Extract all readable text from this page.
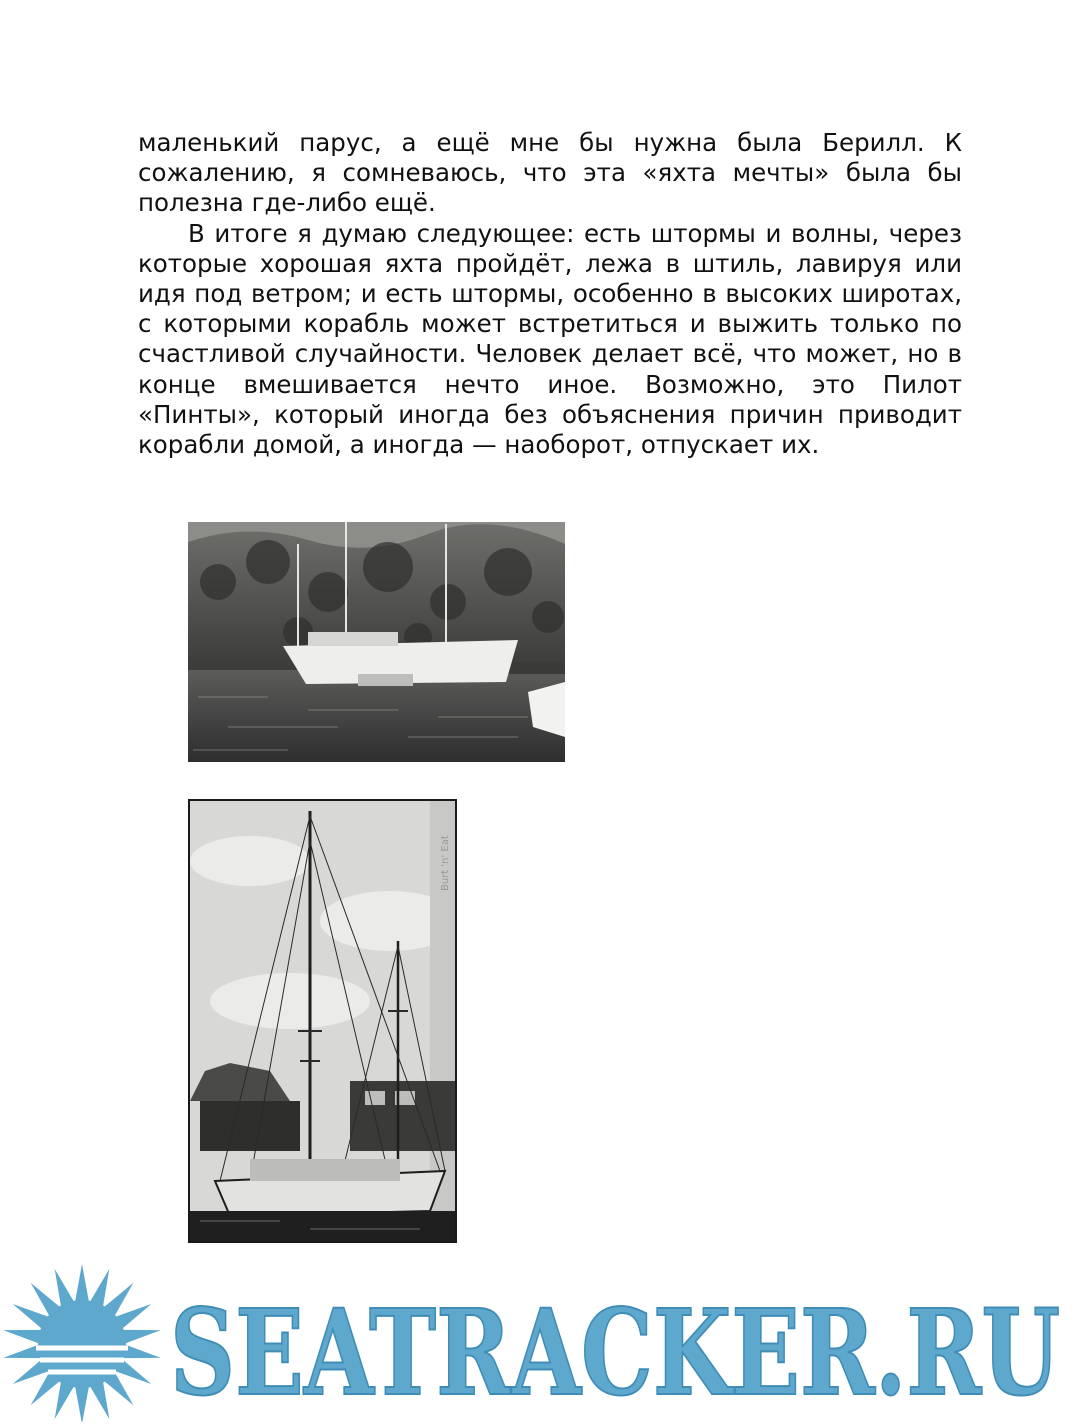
маленький парус, а ещё мне бы нужна была Берилл. К сожалению, я сомневаюсь, что эта «яхта мечты» была бы полезна где-либо ещё.

В итоге я думаю следующее: есть штормы и волны, через которые хорошая яхта пройдёт, лежа в штиль, лавируя или идя под ветром; и есть штормы, особенно в высоких широтах, с которыми корабль может встретиться и выжить только по счастливой случайности. Человек делает всё, что может, но в конце вмешивается нечто иное. Возможно, это Пилот «Пинты», который иногда без объяснения причин приводит корабли домой, а иногда — наоборот, отпускает их.

Burt 'n' Eat
SEATRACKER.RU
